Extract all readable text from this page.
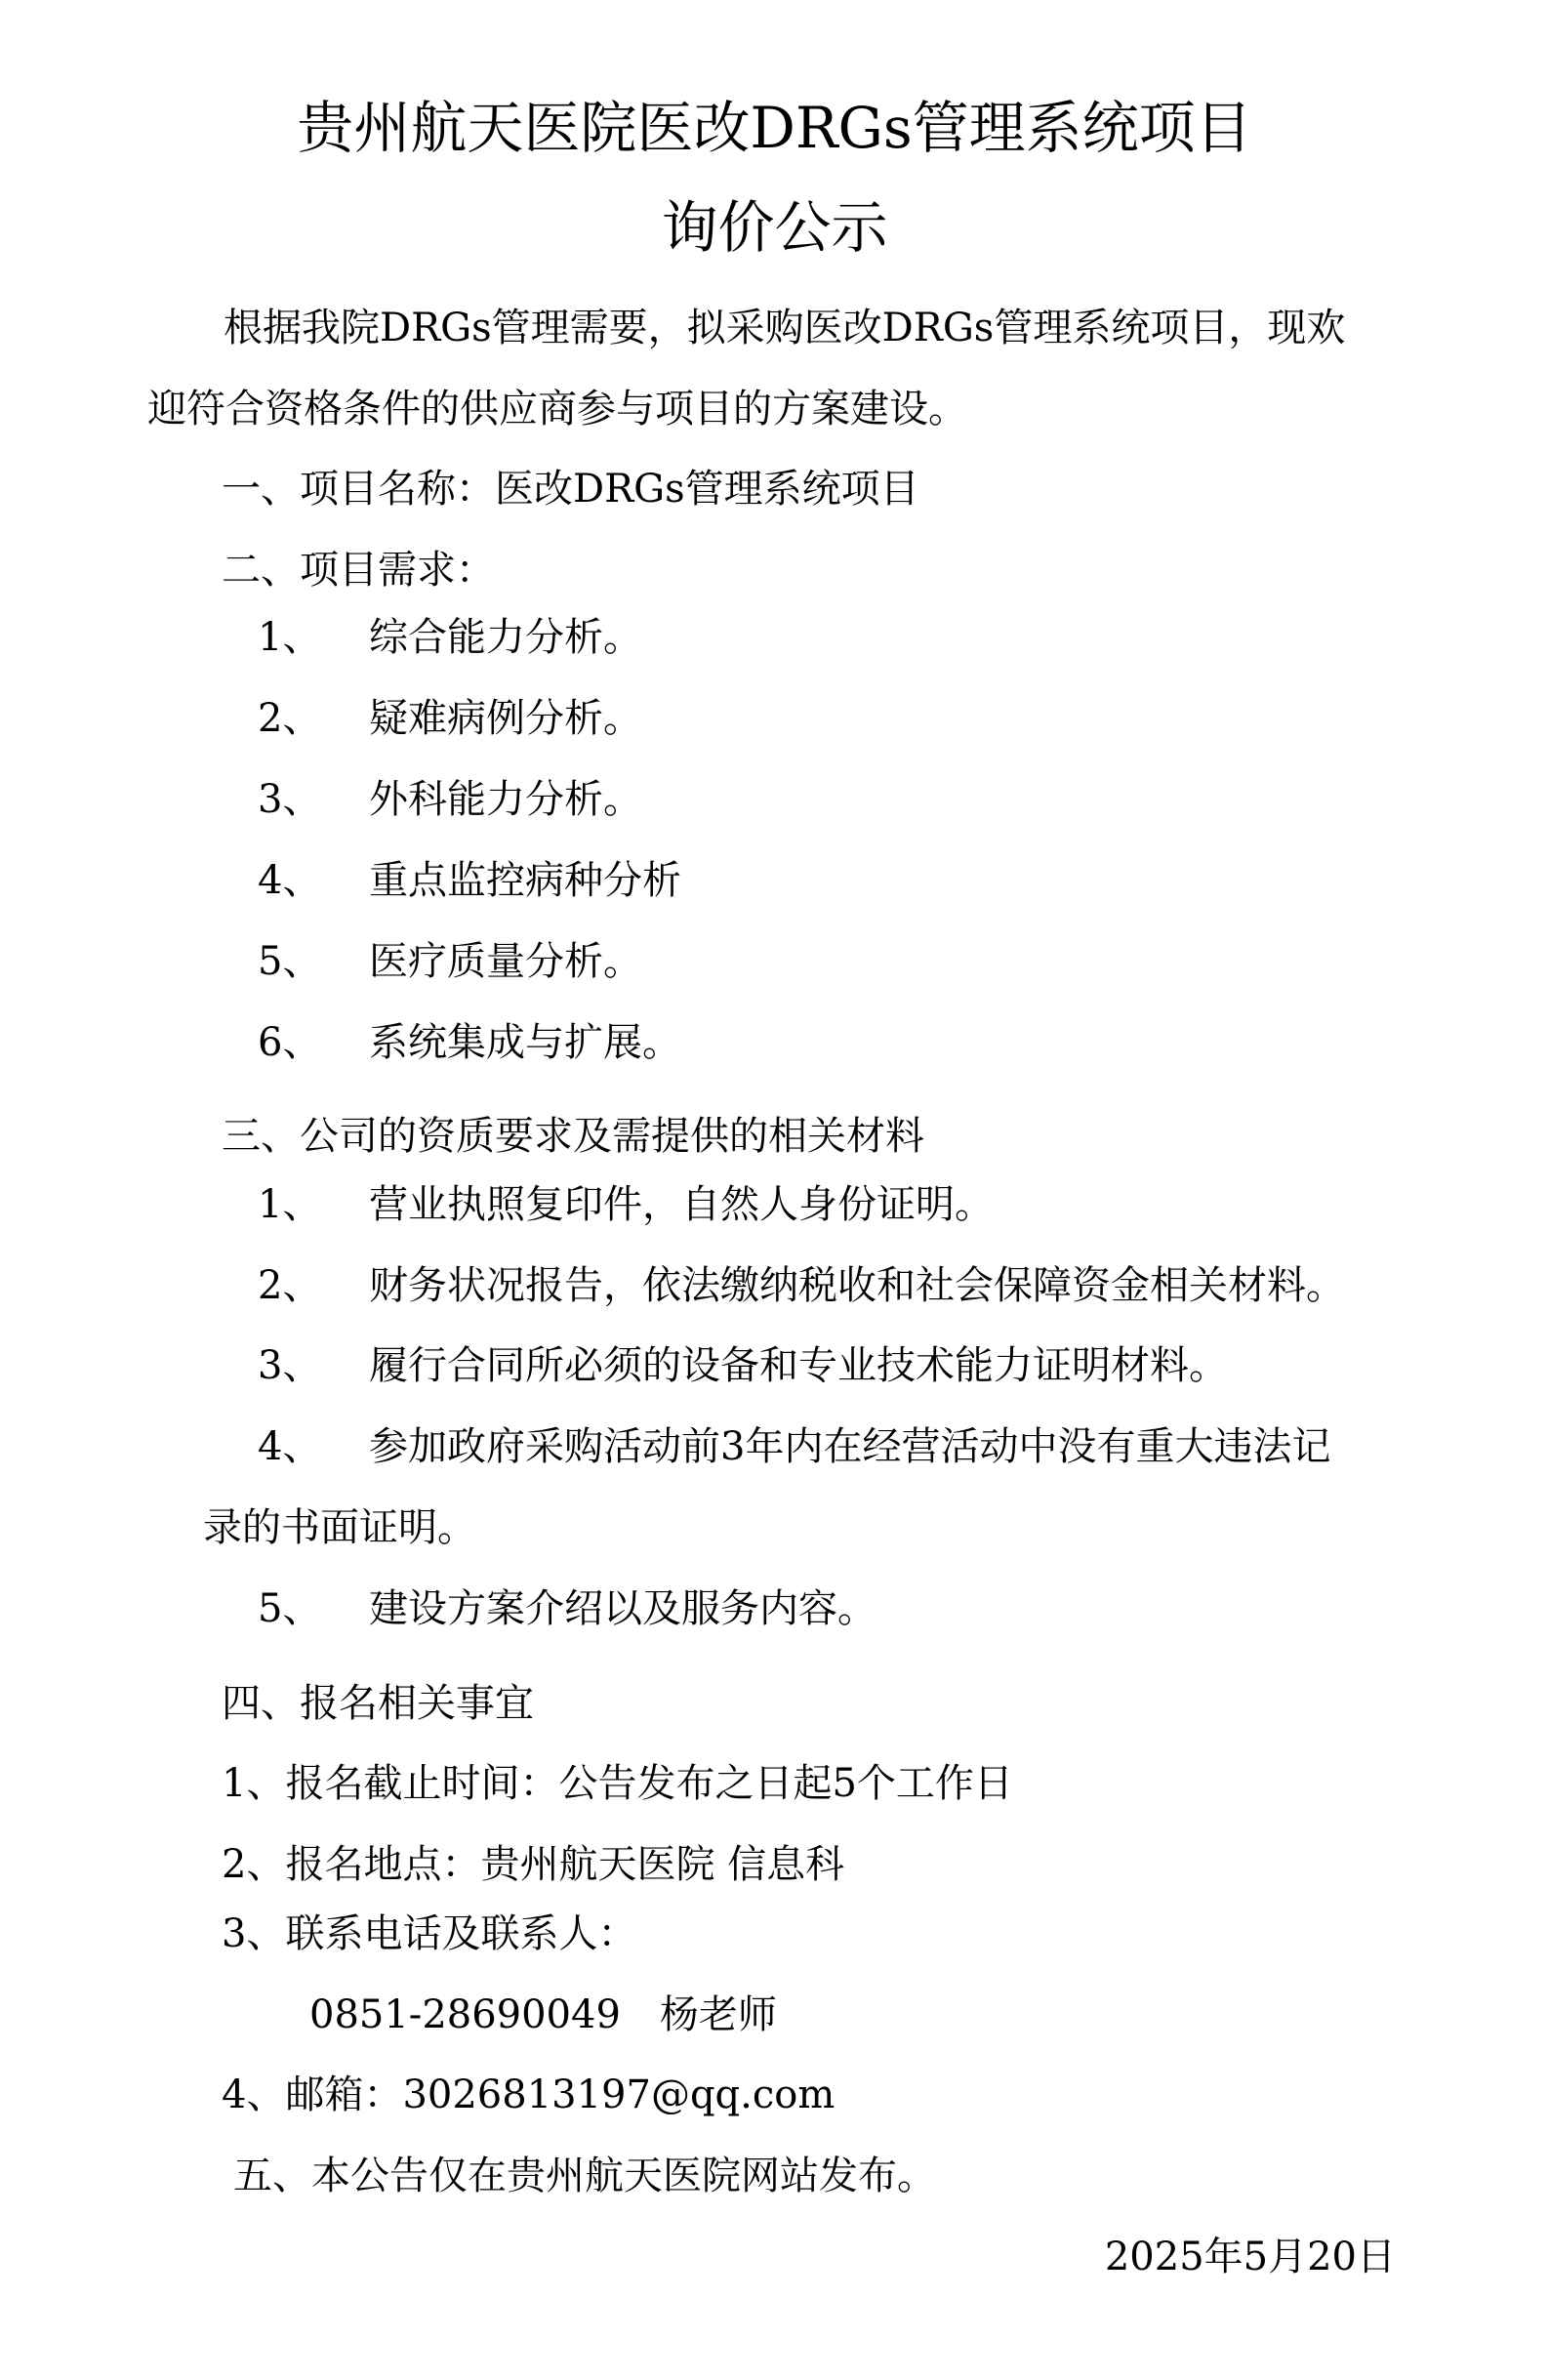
贵州航天医院医改DRGs管理系统项目
询价公示
根据我院DRGs管理需要，拟采购医改DRGs管理系统项目，现欢
迎符合资格条件的供应商参与项目的方案建设。
一、项目名称：医改DRGs管理系统项目
二、项目需求：
1、 综合能力分析。
2、 疑难病例分析。
3、 外科能力分析。
4、 重点监控病种分析
5、 医疗质量分析。
6、 系统集成与扩展。
三、公司的资质要求及需提供的相关材料
1、 营业执照复印件，自然人身份证明。
2、 财务状况报告，依法缴纳税收和社会保障资金相关材料。
3、 履行合同所必须的设备和专业技术能力证明材料。
4、 参加政府采购活动前3年内在经营活动中没有重大违法记
录的书面证明。
5、 建设方案介绍以及服务内容。
四、报名相关事宜
1、报名截止时间：公告发布之日起5个工作日
2、报名地点：贵州航天医院 信息科
3、联系电话及联系人：
0851-28690049　杨老师
4、邮箱：3026813197@qq.com
五、本公告仅在贵州航天医院网站发布。
2025年5月20日
